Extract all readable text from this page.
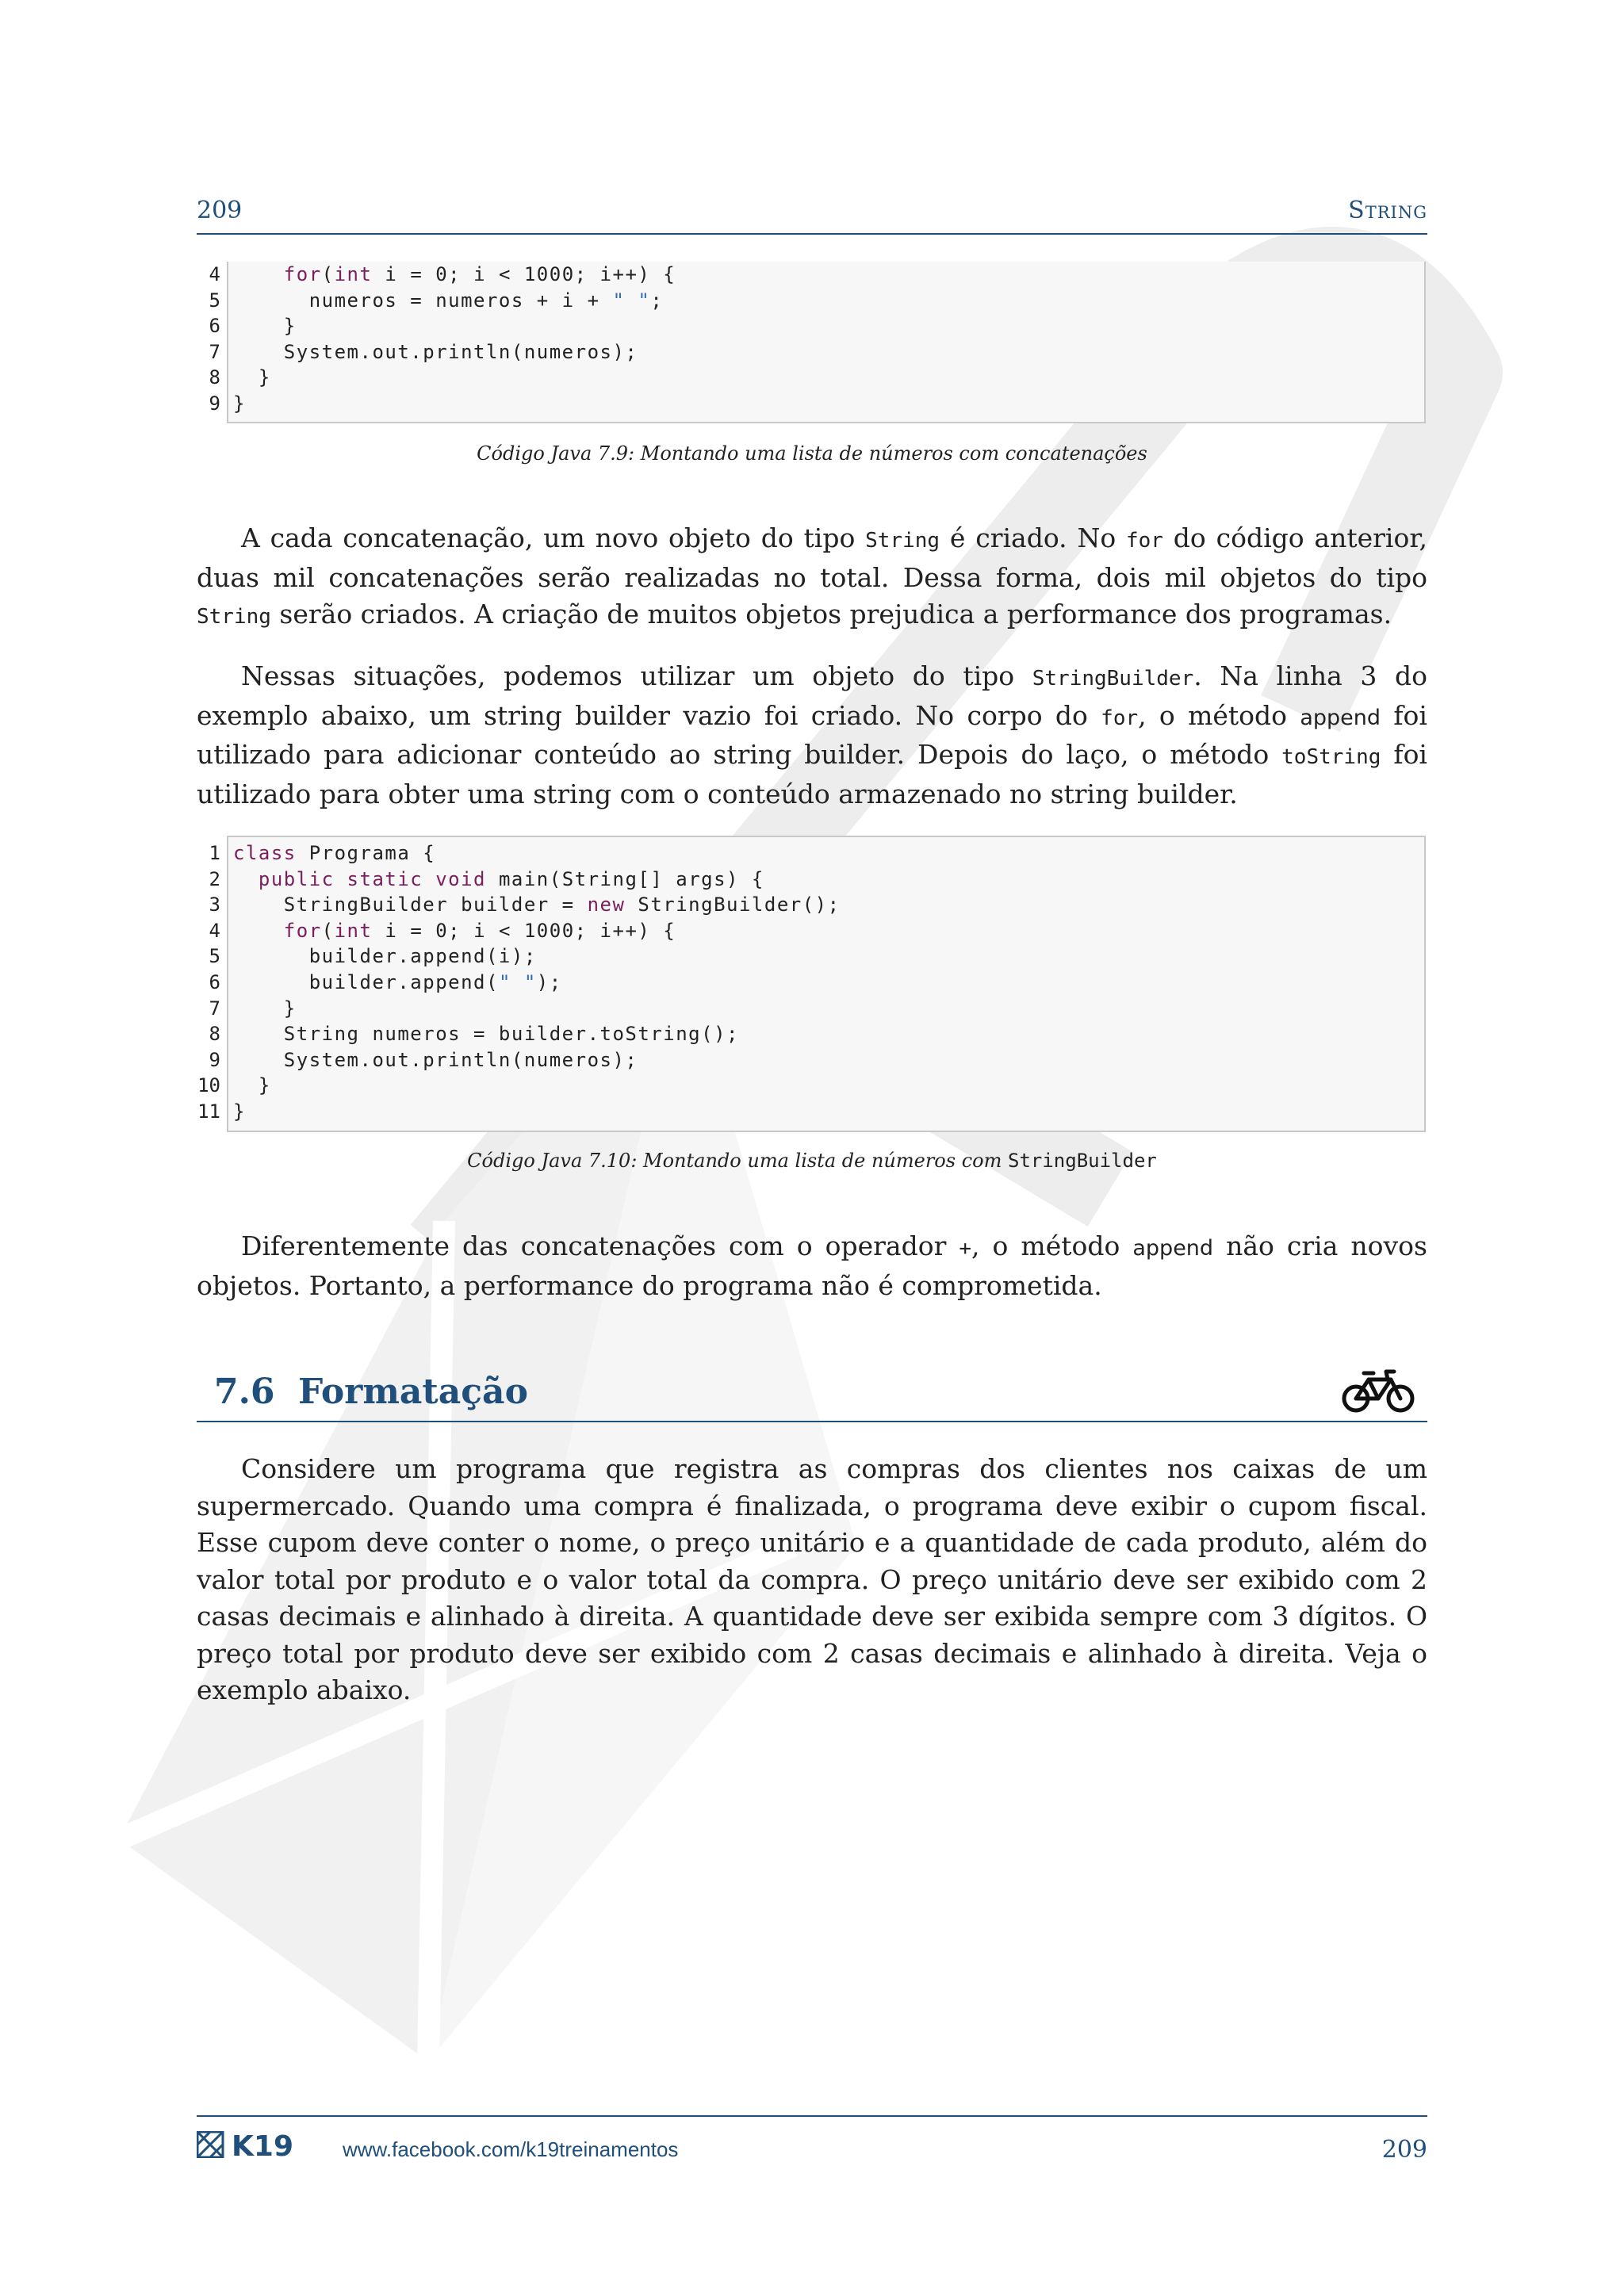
209	String
4
5
6
7
8
9
for(int i = 0; i < 1000; i++) {
numeros = numeros + i + " ";
}
System.out.println(numeros);
}
}
Código Java 7.9: Montando uma lista de números com concatenações
A cada concatenação, um novo objeto do tipo String é criado. No for do código anterior, duas mil concatenações serão realizadas no total. Dessa forma, dois mil objetos do tipo String serão criados. A criação de muitos objetos prejudica a performance dos programas.
Nessas situações, podemos utilizar um objeto do tipo StringBuilder. Na linha 3 do exemplo abaixo, um string builder vazio foi criado. No corpo do for, o método append foi utilizado para adicionar conteúdo ao string builder. Depois do laço, o método toString foi utilizado para obter uma string com o conteúdo armazenado no string builder.
1
2
3
4
5
6
7
8
9
10
11
class Programa {
public static void main(String[] args) {
StringBuilder builder = new StringBuilder();
for(int i = 0; i < 1000; i++) {
builder.append(i);
builder.append(" ");
}
String numeros = builder.toString();
System.out.println(numeros);
}
}
Código Java 7.10: Montando uma lista de números com StringBuilder
Diferentemente das concatenações com o operador +, o método append não cria novos objetos. Portanto, a performance do programa não é comprometida.
7.6 Formatação
Considere um programa que registra as compras dos clientes nos caixas de um supermercado. Quando uma compra é finalizada, o programa deve exibir o cupom fiscal. Esse cupom deve conter o nome, o preço unitário e a quantidade de cada produto, além do valor total por produto e o valor total da compra. O preço unitário deve ser exibido com 2 casas decimais e alinhado à direita. A quantidade deve ser exibida sempre com 3 dígitos. O preço total por produto deve ser exibido com 2 casas decimais e alinhado à direita. Veja o exemplo abaixo.
K19 www.facebook.com/k19treinamentos	209
